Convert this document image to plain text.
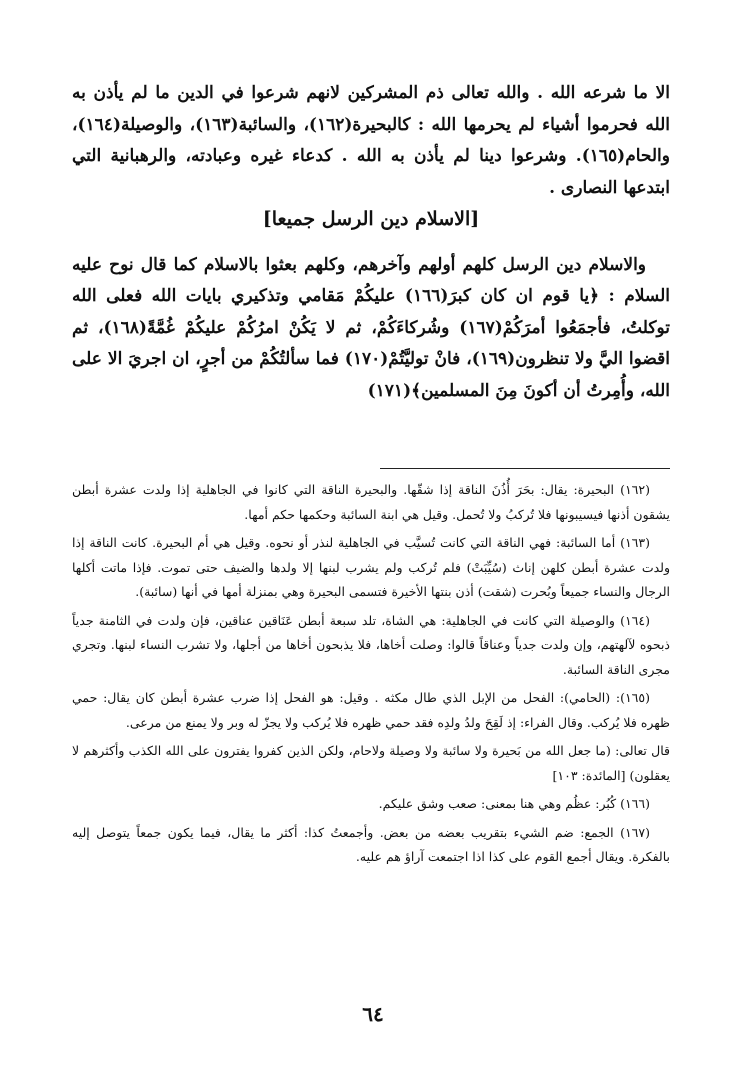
الا ما شرعه الله . والله تعالى ذم المشركين لانهم شرعوا في الدين ما لم يأذن به الله فحرموا أشياء لم يحرمها الله : كالبحيرة(١٦٢)، والسائبة(١٦٣)، والوصيلة(١٦٤)، والحام(١٦٥). وشرعوا دينا لم يأذن به الله . كدعاء غيره وعبادته، والرهبانية التي ابتدعها النصارى .

[الاسلام دين الرسل جميعا]

والاسلام دين الرسل كلهم أولهم وآخرهم، وكلهم بعثوا بالاسلام كما قال نوح عليه السلام : ﴿يا قوم ان كان كبرَ(١٦٦) عليكُمْ مَقامي وتذكيري بايات الله فعلى الله توكلتُ، فأجمَعُوا أمرَكُمْ(١٦٧) وشُركاءَكُمْ، ثم لا يَكُنْ امرُكُمْ عليكُمْ غُمَّةً(١٦٨)، ثم اقضوا اليَّ ولا تنظرون(١٦٩)، فانْ توليَّتُمْ(١٧٠) فما سألتُكُمْ من أجرٍ، ان اجريَ الا على الله، وأُمِرتُ أن أكونَ مِنَ المسلمين﴾(١٧١)

(١٦٢) البحيرة: يقال: بحَرَ أُذُنَ الناقة إذا شقّها. والبحيرة الناقة التي كانوا في الجاهلية إذا ولدت عشرة أبطن يشقون أذنها فيسيبونها فلا تُركبُ ولا تُحمل. وقيل هي ابنة السائبة وحكمها حكم أمها.

(١٦٣) أما السائبة: فهي الناقة التي كانت تُسيَّب في الجاهلية لنذر أو نحوه. وقيل هي أم البحيرة. كانت الناقة إذا ولدت عشرة أبطن كلهن إناث (سُيِّبَتْ) فلم تُركب ولم يشرب لبنها إلا ولدها والضيف حتى تموت. فإذا ماتت أكلها الرجال والنساء جميعاً وبُحرت (شقت) أذن بنتها الأخيرة فتسمى البحيرة وهي بمنزلة أمها في أنها (سائبة).

(١٦٤) والوصيلة التي كانت في الجاهلية: هي الشاة، تلد سبعة أبطن عَنَاقين عناقين، فإن ولدت في الثامنة جدياً ذبحوه لآلهتهم، وإن ولدت جدياً وعناقاً قالوا: وصلت أخاها، فلا يذبحون أخاها من أجلها، ولا تشرب النساء لبنها. وتجري مجرى الناقة السائبة.

(١٦٥): (الحامي): الفحل من الإبل الذي طال مكثه . وقيل: هو الفحل إذا ضرب عشرة أبطن كان يقال: حمي ظهره فلا يُركب. وقال الفراء: إذ لَقِحَ ولدُ ولدِه فقد حمي ظهره فلا يُركب ولا يجزّ له وبر ولا يمنع من مرعى.

قال تعالى: (ما جعل الله من بَحيرة ولا سائبة ولا وصيلة ولاحام، ولكن الذين كفروا يفترون على الله الكذب وأكثرهم لا يعقلون) [المائدة: ١٠٣]

(١٦٦) كُبُر: عظُم وهي هنا بمعنى: صعب وشق عليكم.

(١٦٧) الجمع: ضم الشيء بتقريب بعضه من بعض. وأجمعتُ كذا: أكثر ما يقال، فيما يكون جمعاً يتوصل إليه بالفكرة. ويقال أجمع القوم على كذا اذا اجتمعت آراؤ هم عليه.

٦٤
